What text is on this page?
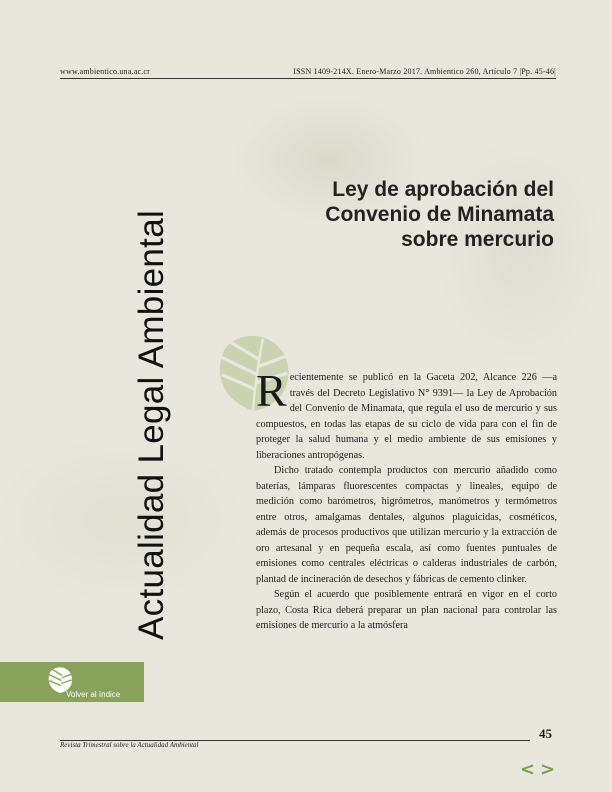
www.ambientico.una.ac.cr	ISSN 1409-214X. Enero-Marzo 2017. Ambientico 260, Artículo 7 |Pp. 45-46|
Actualidad Legal Ambiental
Ley de aprobación del
Convenio de Minamata
sobre mercurio

Recientemente se publicó en la Gaceta 202, Alcance 226 —a través del Decreto Legislativo N° 9391— la Ley de Aprobación del Convenio de Minamata, que regula el uso de mercurio y sus compuestos, en todas las etapas de su ciclo de vida para con el fin de proteger la salud humana y el medio ambiente de sus emisiones y liberaciones antropógenas.

Dicho tratado contempla productos con mercurio añadido como baterías, lámparas fluorescentes compactas y lineales, equipo de medición como barómetros, higrómetros, manómetros y termómetros entre otros, amalgamas dentales, algunos plaguicidas, cosméticos, además de procesos productivos que utilizan mercurio y la extracción de oro artesanal y en pequeña escala, así como fuentes puntuales de emisiones como centrales eléctricas o calderas industriales de carbón, plantad de incineración de desechos y fábricas de cemento clinker.

Según el acuerdo que posiblemente entrará en vigor en el corto plazo, Costa Rica deberá preparar un plan nacional para controlar las emisiones de mercurio a la atmósfera

Volver al índice
45
Revista Trimestral sobre la Actualidad Ambiental
< >
